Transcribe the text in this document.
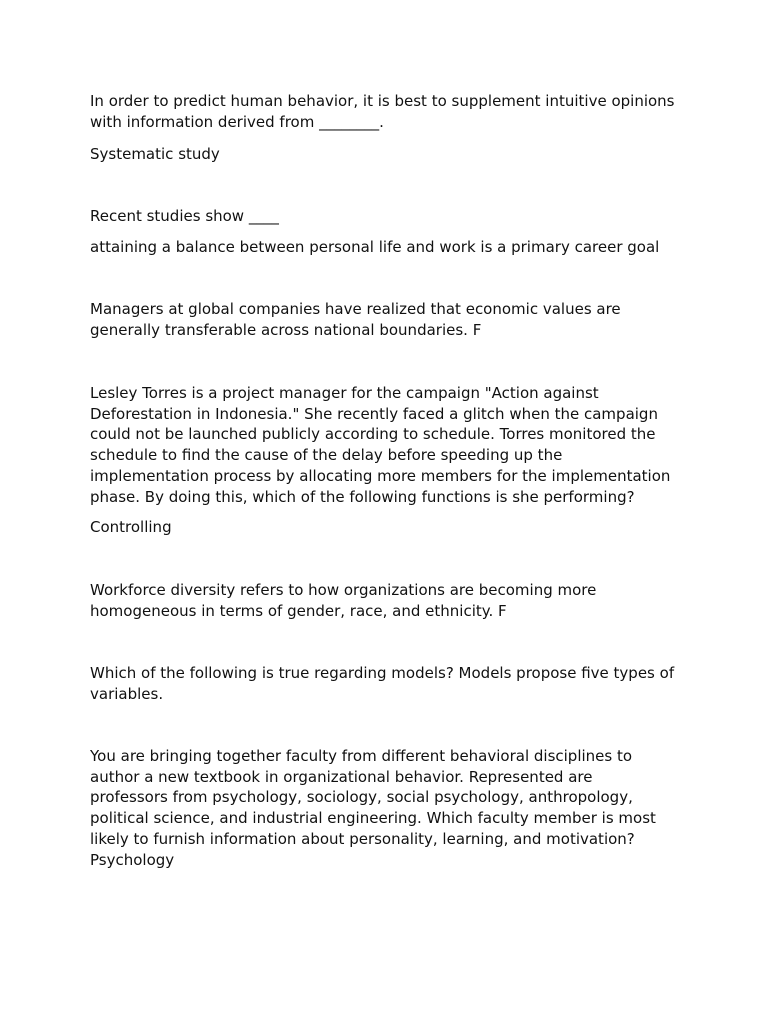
In order to predict human behavior, it is best to supplement intuitive opinions
with information derived from ________.

Systematic study

Recent studies show ____

attaining a balance between personal life and work is a primary career goal

Managers at global companies have realized that economic values are
generally transferable across national boundaries. F

Lesley Torres is a project manager for the campaign "Action against
Deforestation in Indonesia." She recently faced a glitch when the campaign
could not be launched publicly according to schedule. Torres monitored the
schedule to find the cause of the delay before speeding up the
implementation process by allocating more members for the implementation
phase. By doing this, which of the following functions is she performing?

Controlling

Workforce diversity refers to how organizations are becoming more
homogeneous in terms of gender, race, and ethnicity. F

Which of the following is true regarding models? Models propose five types of
variables.

You are bringing together faculty from different behavioral disciplines to
author a new textbook in organizational behavior. Represented are
professors from psychology, sociology, social psychology, anthropology,
political science, and industrial engineering. Which faculty member is most
likely to furnish information about personality, learning, and motivation?
Psychology
